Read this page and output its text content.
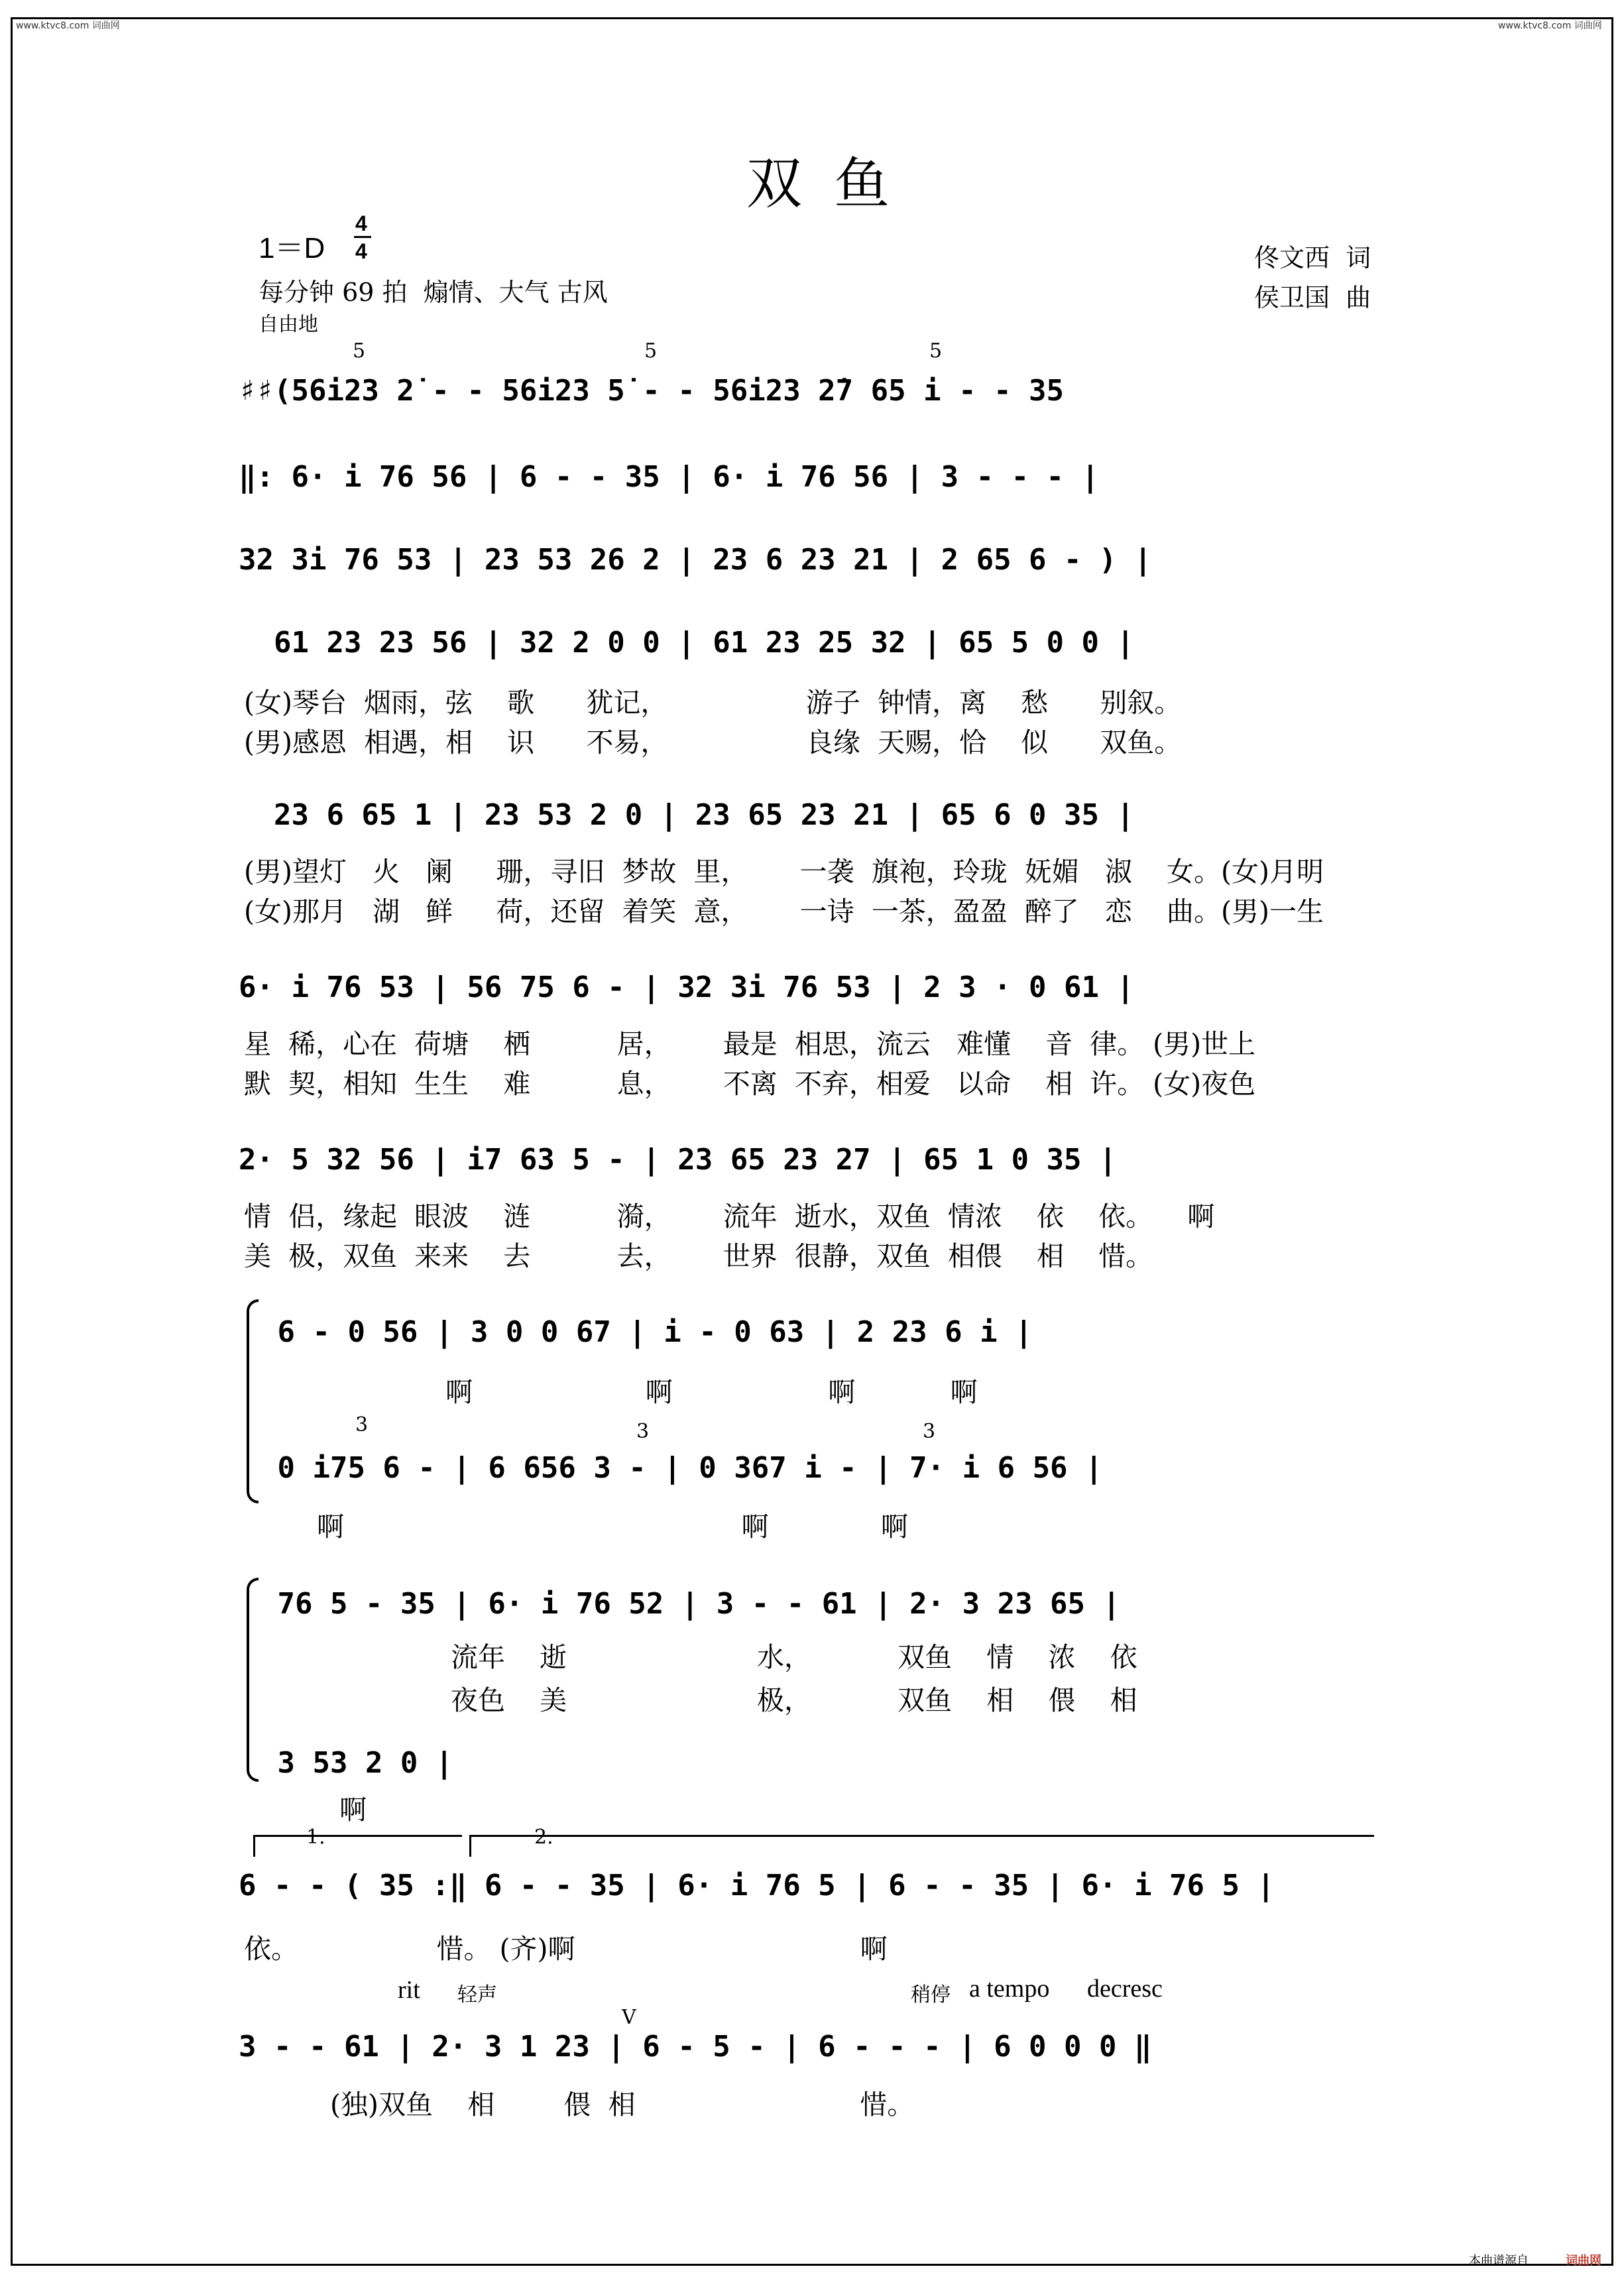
www.ktvc8.com 词曲网	www.ktvc8.com 词曲网
双鱼
1＝D
4
4
每分钟 69 拍  煽情、大气 古风
自由地
佟文西  词
侯卫国  曲
5	5	5
♯♯(56i23 2̇ - - 56i23 5̇ - - 56i23 2̇7 65 i - - 35
‖: 6· i 76 56 | 6 - - 35 | 6· i 76 56 | 3 - - - |
32 3i 76 53 | 23 53 26 2 | 23 6 23 21 | 2 65 6 - ) |
61 23 23 56 | 32 2 0 0 | 61 23 25 32 | 65 5 0 0 |
(女)琴台  烟雨，弦    歌      犹记，                游子  钟情，离    愁      别叙。
(男)感恩  相遇，相    识      不易，                良缘  天赐，恰    似      双鱼。
23 6 65 1 | 23 53 2 0 | 23 65 23 21 | 65 6 0 35 |
(男)望灯   火   阑     珊，寻旧  梦故  里，      一袭  旗袍，玲珑  妩媚   淑    女。(女)月明
(女)那月   湖   鲜     荷，还留  着笑  意，      一诗  一茶，盈盈  醉了   恋    曲。(男)一生
6· i 76 53 | 56 75 6 - | 32 3i 76 53 | 2 3 · 0 61 |
星  稀，心在  荷塘    栖          居，      最是  相思，流云   难懂    音  律。 (男)世上
默  契，相知  生生    难          息，      不离  不弃，相爱   以命    相  许。 (女)夜色
2· 5 32 56 | i7 63 5 - | 23 65 23 27 | 65 1 0 35 |
情  侣，缘起  眼波    涟          漪，      流年  逝水，双鱼  情浓    依    依。    啊
美  极，双鱼  来来    去          去，      世界  很静，双鱼  相偎    相    惜。
6 - 0 56 | 3 0 0 67 | i - 0 63 | 2 23 6 i |
啊                    啊                  啊           啊
3	3	3
0 i75 6 - | 6 656 3 - | 0 367 i - | 7· i 6 56 |
啊                                              啊             啊
76 5 - 35 | 6· i 76 52 | 3 - - 61 | 2· 3 23 65 |
流年    逝                      水，          双鱼    情    浓    依
夜色    美                      极，          双鱼    相    偎    相
3 53 2 0 |
啊
1.	2.
6 - - ( 35 :‖ 6 - - 35 | 6· i 76 5 | 6 - - 35 | 6· i 76 5 |
依。                惜。 (齐)啊                                 啊
rit 轻声	稍停 a tempo decresc
V
3 - - 61 | 2· 3 1 23 | 6 - 5 - | 6 - - - | 6 0 0 0 ‖
(独)双鱼    相        偎  相                          惜。
本曲谱源自	词曲网
